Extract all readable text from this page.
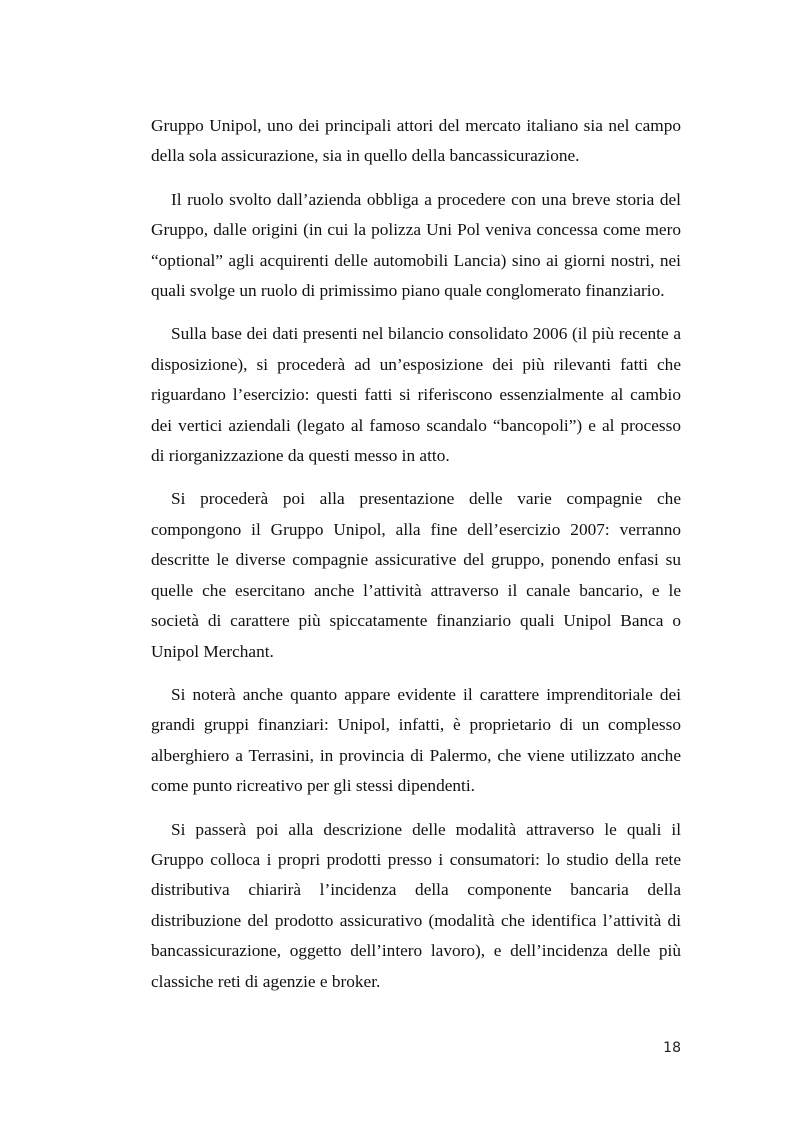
Gruppo Unipol, uno dei principali attori del mercato italiano sia nel campo della sola assicurazione, sia in quello della bancassicurazione.

Il ruolo svolto dall’azienda obbliga a procedere con una breve storia del Gruppo, dalle origini (in cui la polizza Uni Pol veniva concessa come mero “optional” agli acquirenti delle automobili Lancia) sino ai giorni nostri, nei quali svolge un ruolo di primissimo piano quale conglomerato finanziario.

Sulla base dei dati presenti nel bilancio consolidato 2006 (il più recente a disposizione), si procederà ad un’esposizione dei più rilevanti fatti che riguardano l’esercizio: questi fatti si riferiscono essenzialmente al cambio dei vertici aziendali (legato al famoso scandalo “bancopoli”) e al processo di riorganizzazione da questi messo in atto.

Si procederà poi alla presentazione delle varie compagnie che compongono il Gruppo Unipol, alla fine dell’esercizio 2007: verranno descritte le diverse compagnie assicurative del gruppo, ponendo enfasi su quelle che esercitano anche l’attività attraverso il canale bancario, e le società di carattere più spiccatamente finanziario quali Unipol Banca o Unipol Merchant.

Si noterà anche quanto appare evidente il carattere imprenditoriale dei grandi gruppi finanziari: Unipol, infatti, è proprietario di un complesso alberghiero a Terrasini, in provincia di Palermo, che viene utilizzato anche come punto ricreativo per gli stessi dipendenti.

Si passerà poi alla descrizione delle modalità attraverso le quali il Gruppo colloca i propri prodotti presso i consumatori: lo studio della rete distributiva chiarirà l’incidenza della componente bancaria della distribuzione del prodotto assicurativo (modalità che identifica l’attività di bancassicurazione, oggetto dell’intero lavoro), e dell’incidenza delle più classiche reti di agenzie e broker.

18
